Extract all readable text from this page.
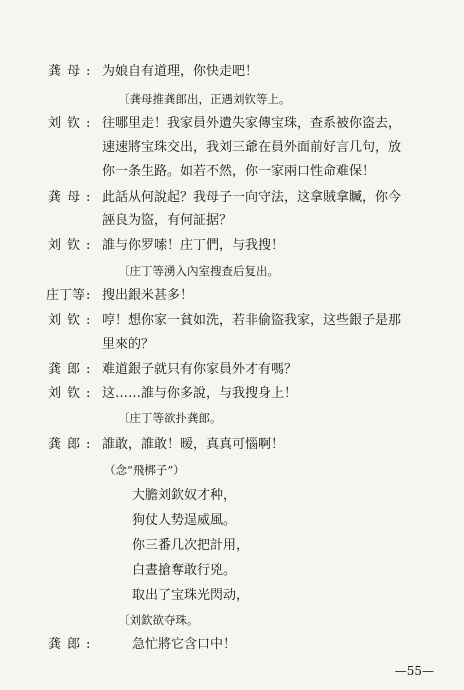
龚 母 : 为娘自有道理，你快走吧！
〔龚母推龚郎出，正遇刘钦等上。
刘 钦 : 往哪里走！我家員外遺失家傳宝珠，查系被你盗去，
速速將宝珠交出，我刘三爺在員外面前好言几句，放
你一条生路。如若不然，你一家兩口性命难保！
龚 母 : 此話从何說起？我母子一向守法，这拿賊拿贓，你今
誣良为盜，有何証据？
刘 钦 : 誰与你罗嗦！庄丁們，与我搜！
〔庄丁等湧入內室搜查后复出。
庄丁等 : 搜出銀米甚多！
刘 钦 : 哼！想你家一貧如洗，若非偷盜我家，这些銀子是那
里來的？
龚 郎 : 难道銀子就只有你家員外才有嗎？
刘 钦 : 这……誰与你多說，与我搜身上！
〔庄丁等欲扑龚郎。
龚 郎 : 誰敢，誰敢！暧，真真可惱啊！
（念“飛梆子”）
大膽刘欽奴才种，
狗仗人势逞威風。
你三番几次把計用，
白晝搶奪敢行兇。
取出了宝珠光閃动，
〔刘欽欲夺珠。
龚 郎 :	急忙將它含口中！
—55—
